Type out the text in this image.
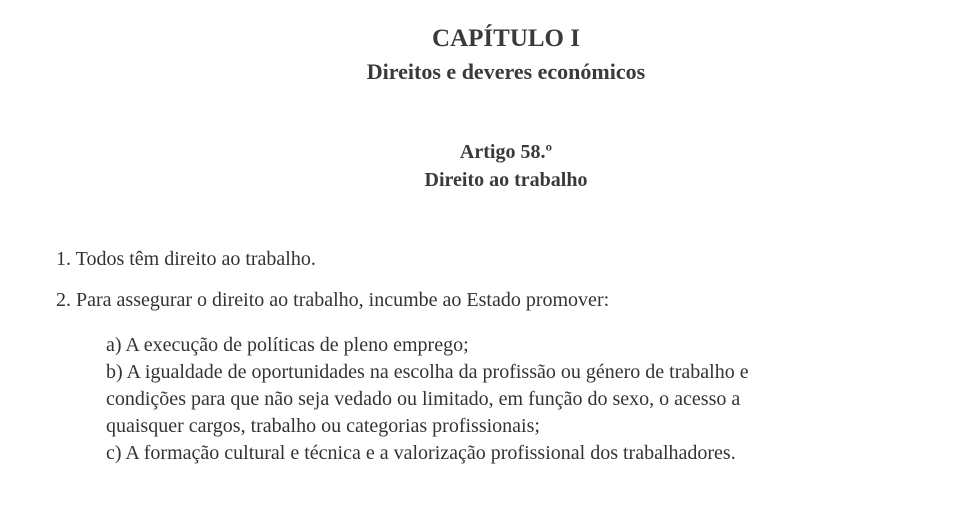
CAPÍTULO I
Direitos e deveres económicos
Artigo 58.º
Direito ao trabalho
1. Todos têm direito ao trabalho.
2. Para assegurar o direito ao trabalho, incumbe ao Estado promover:
a) A execução de políticas de pleno emprego;
b) A igualdade de oportunidades na escolha da profissão ou género de trabalho e
condições para que não seja vedado ou limitado, em função do sexo, o acesso a
quaisquer cargos, trabalho ou categorias profissionais;
c) A formação cultural e técnica e a valorização profissional dos trabalhadores.
